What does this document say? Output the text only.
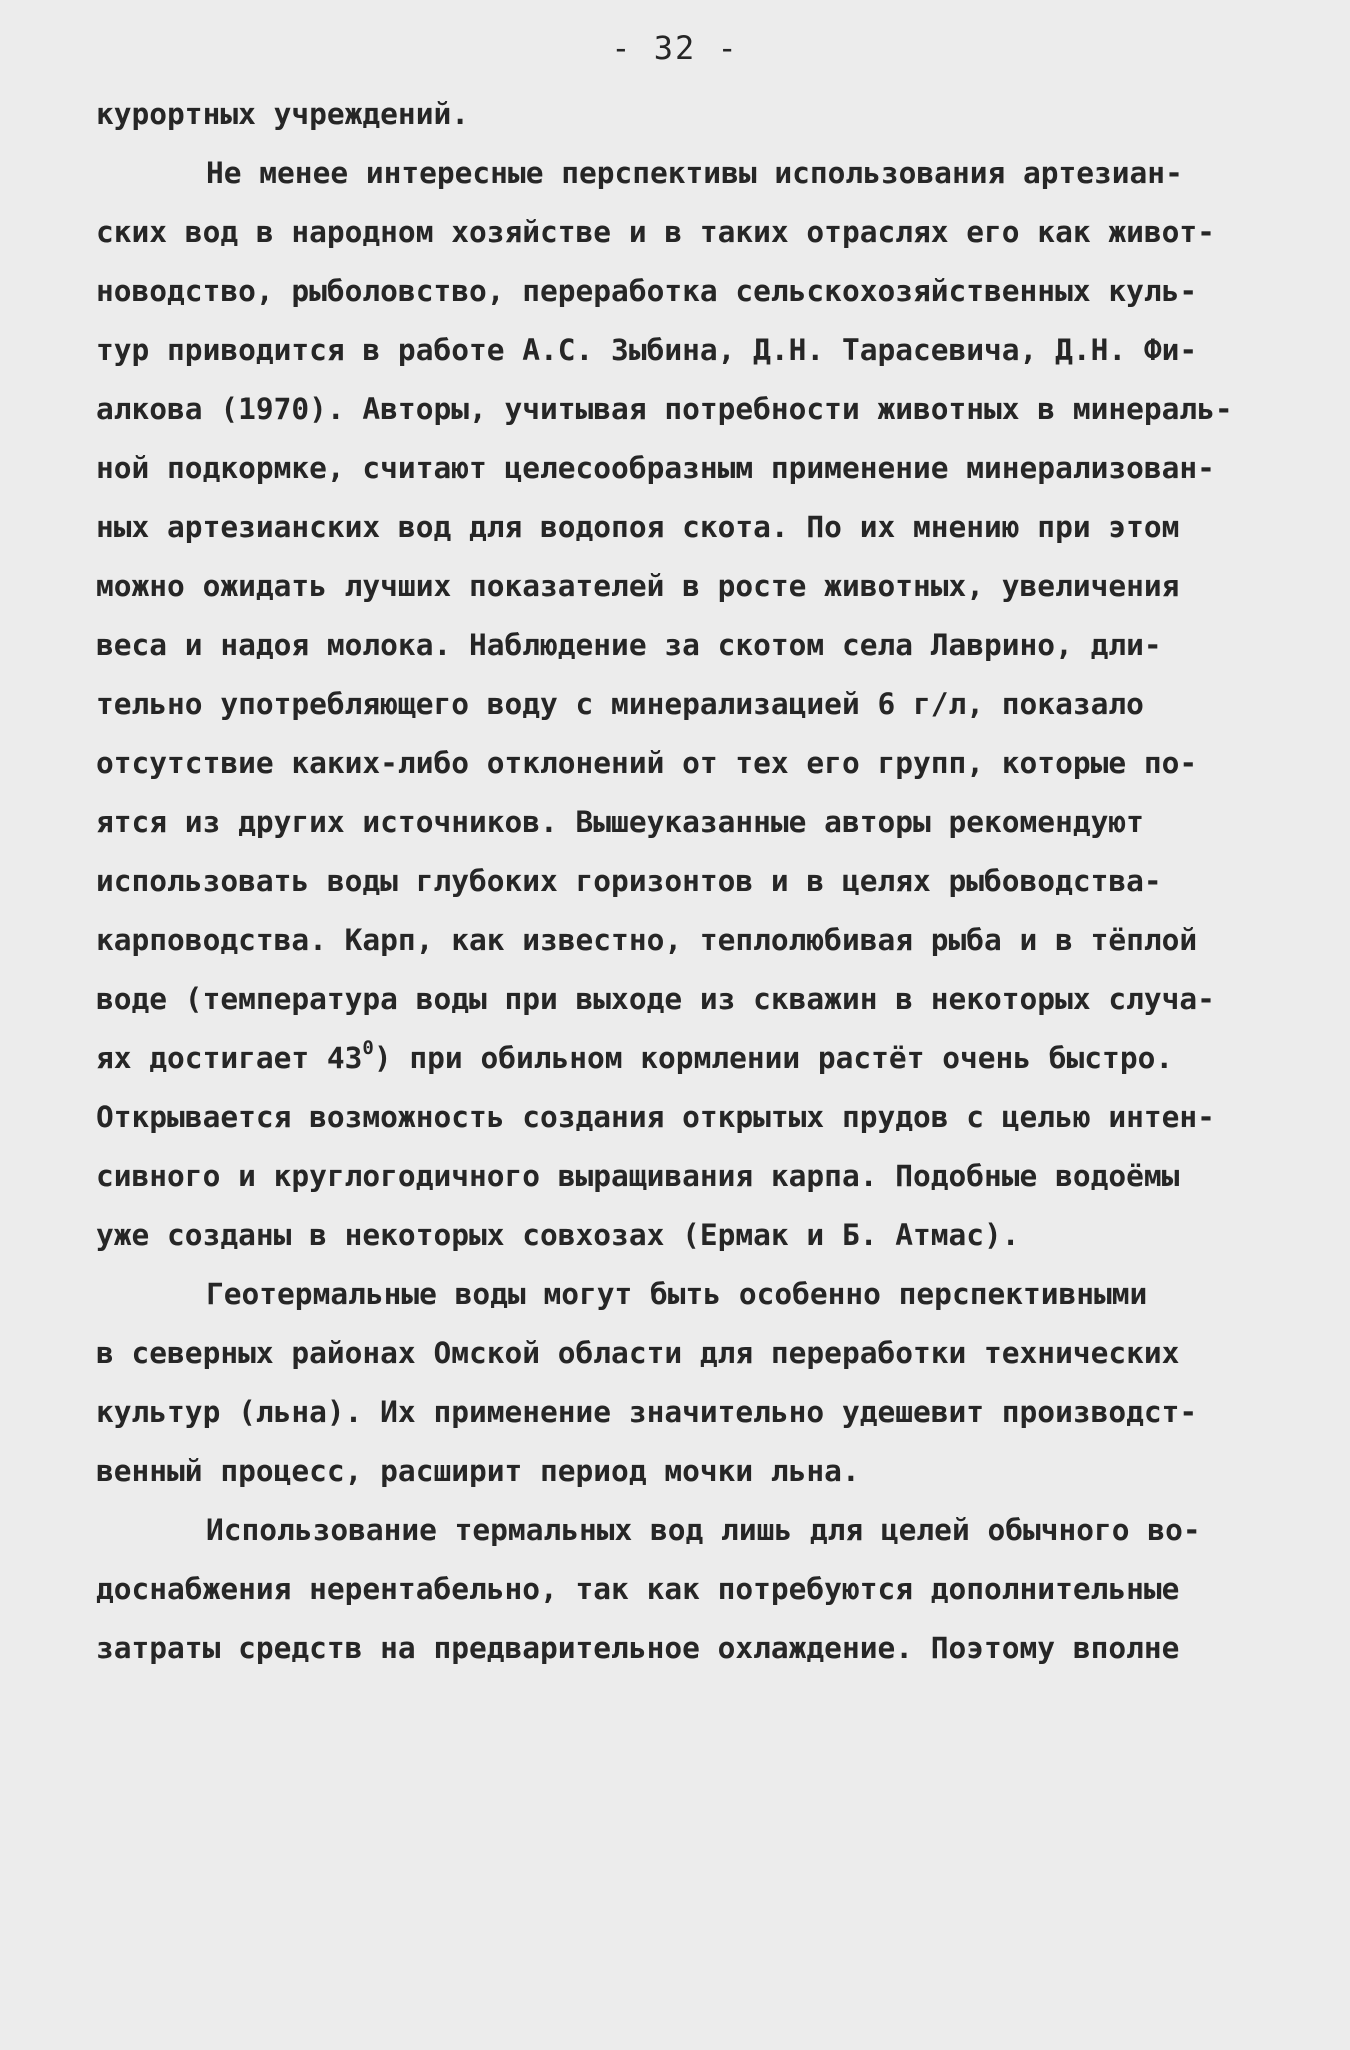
- 32 -
курортных учреждений.
Не менее интересные перспективы использования артезиан-
ских вод в народном хозяйстве и в таких отраслях его как живот-
новодство, рыболовство, переработка сельскохозяйственных куль-
тур приводится в работе А.С. Зыбина, Д.Н. Тарасевича, Д.Н. Фи-
алкова (1970). Авторы, учитывая потребности животных в минераль-
ной подкормке, считают целесообразным применение минерализован-
ных артезианских вод для водопоя скота. По их мнению при этом
можно ожидать лучших показателей в росте животных, увеличения
веса и надоя молока. Наблюдение за скотом села Лаврино, дли-
тельно употребляющего воду с минерализацией 6 г/л, показало
отсутствие каких-либо отклонений от тех его групп, которые по-
ятся из других источников. Вышеуказанные авторы рекомендуют
использовать воды глубоких горизонтов и в целях рыбоводства-
карповодства. Карп, как известно, теплолюбивая рыба и в тёплой
воде (температура воды при выходе из скважин в некоторых случа-
ях достигает $43^0$) при обильном кормлении растёт очень быстро.
Открывается возможность создания открытых прудов с целью интен-
сивного и круглогодичного выращивания карпа. Подобные водоёмы
уже созданы в некоторых совхозах (Ермак и Б. Атмас).
Геотермальные воды могут быть особенно перспективными
в северных районах Омской области для переработки технических
культур (льна). Их применение значительно удешевит производст-
венный процесс, расширит период мочки льна.
Использование термальных вод лишь для целей обычного во-
доснабжения нерентабельно, так как потребуются дополнительные
затраты средств на предварительное охлаждение. Поэтому вполне
